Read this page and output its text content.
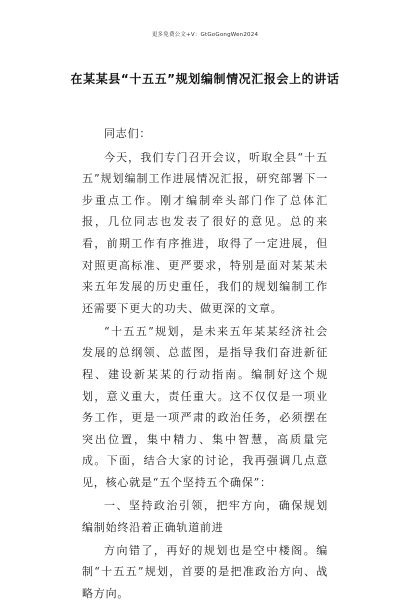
更多免费公文+V：GtGoGongWen2024
在某某县“十五五”规划编制情况汇报会上的讲话

同志们：

今天，我们专门召开会议，听取全县“十五五”规划编制工作进展情况汇报，研究部署下一步重点工作。刚才编制牵头部门作了总体汇报，几位同志也发表了很好的意见。总的来看，前期工作有序推进，取得了一定进展，但对照更高标准、更严要求，特别是面对某某未来五年发展的历史重任，我们的规划编制工作还需要下更大的功夫、做更深的文章。

“十五五”规划，是未来五年某某经济社会发展的总纲领、总蓝图，是指导我们奋进新征程、建设新某某的行动指南。编制好这个规划，意义重大，责任重大。这不仅仅是一项业务工作，更是一项严肃的政治任务，必须摆在突出位置，集中精力、集中智慧，高质量完成。下面，结合大家的讨论，我再强调几点意见，核心就是“五个坚持五个确保”：

一、坚持政治引领，把牢方向，确保规划编制始终沿着正确轨道前进

方向错了，再好的规划也是空中楼阁。编制“十五五”规划，首要的是把准政治方向、战略方向。
